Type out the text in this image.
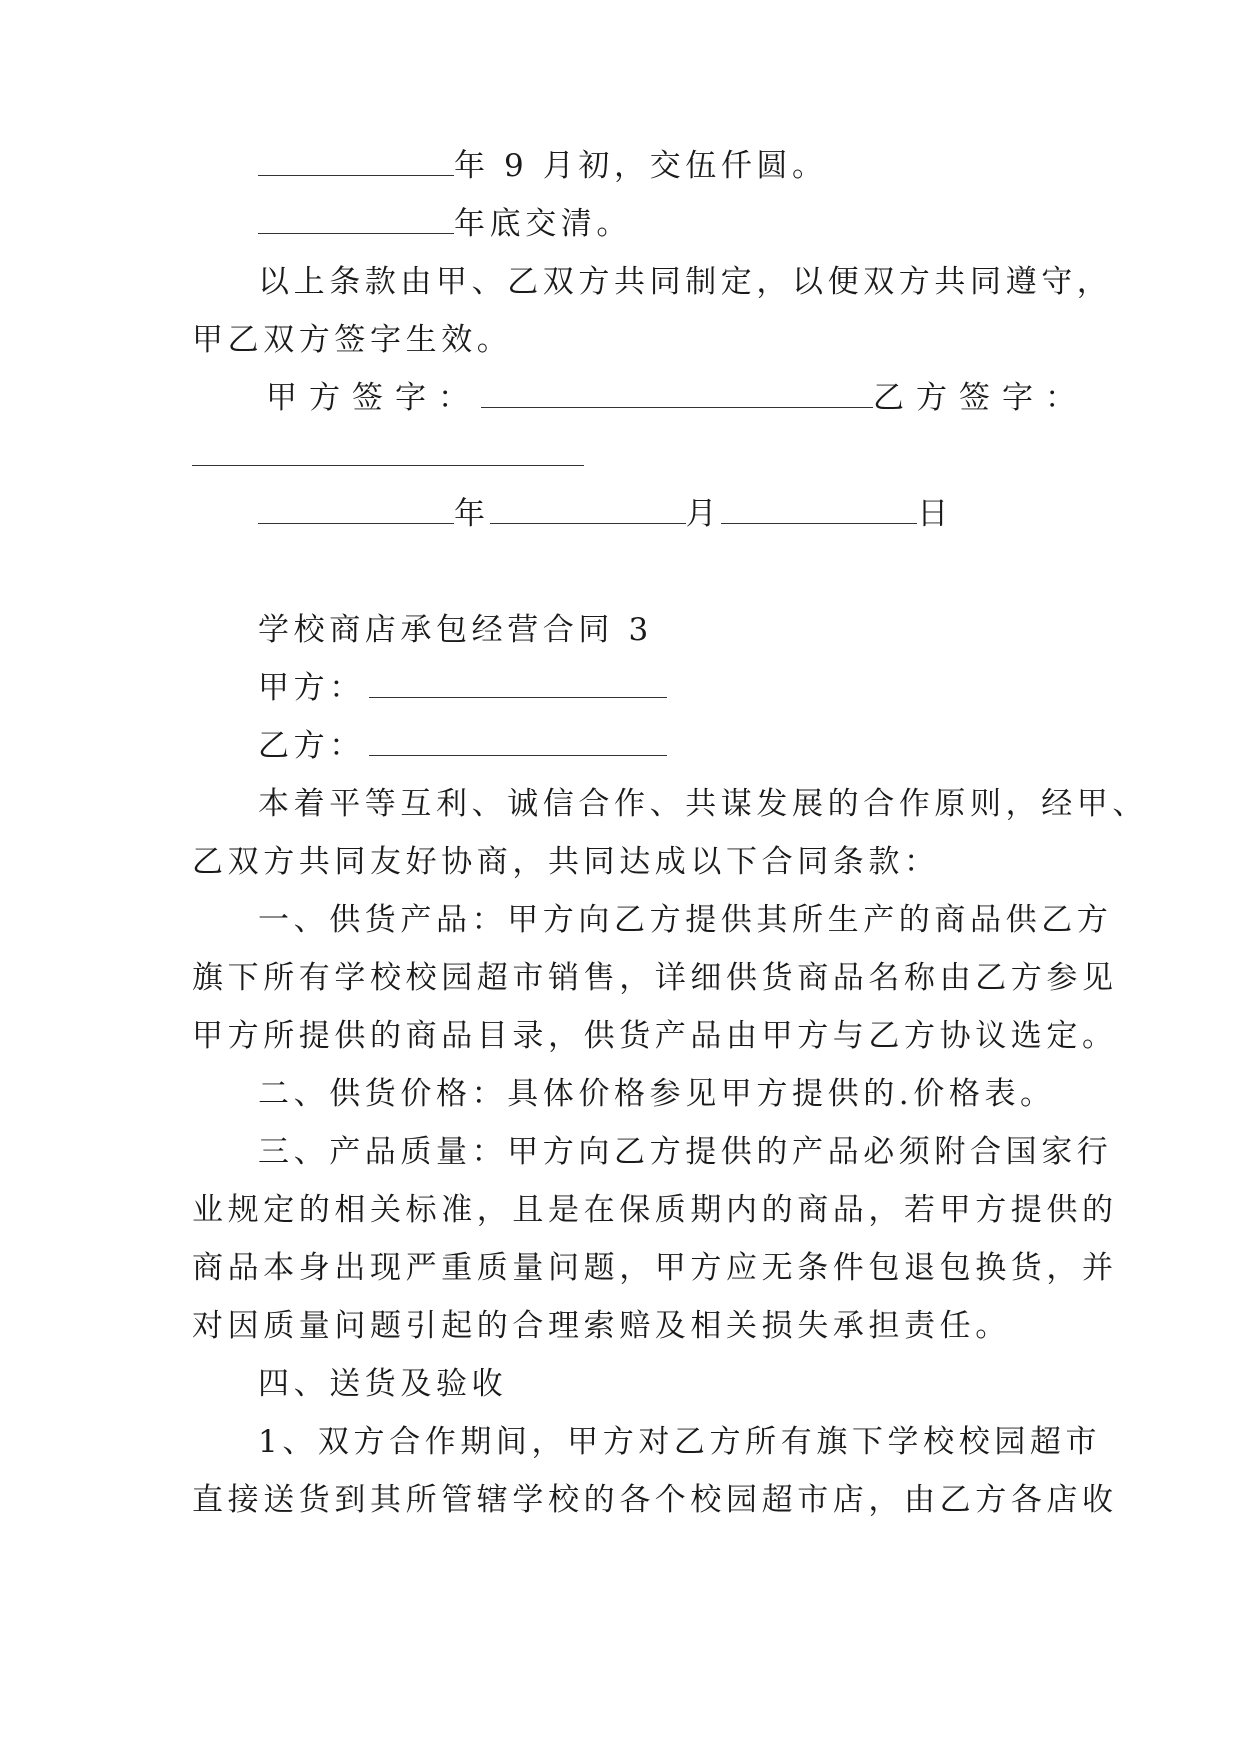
年 9 月初，交伍仟圆。
年底交清。
以上条款由甲、乙双方共同制定，以便双方共同遵守，
甲乙双方签字生效。
甲方签字：	乙方签字：
年	月	日
学校商店承包经营合同 3
甲方：
乙方：
本着平等互利、诚信合作、共谋发展的合作原则，经甲、
乙双方共同友好协商，共同达成以下合同条款：
一、供货产品：甲方向乙方提供其所生产的商品供乙方
旗下所有学校校园超市销售，详细供货商品名称由乙方参见
甲方所提供的商品目录，供货产品由甲方与乙方协议选定。
二、供货价格：具体价格参见甲方提供的.价格表。
三、产品质量：甲方向乙方提供的产品必须附合国家行
业规定的相关标准，且是在保质期内的商品，若甲方提供的
商品本身出现严重质量问题，甲方应无条件包退包换货，并
对因质量问题引起的合理索赔及相关损失承担责任。
四、送货及验收
1、双方合作期间，甲方对乙方所有旗下学校校园超市
直接送货到其所管辖学校的各个校园超市店，由乙方各店收
